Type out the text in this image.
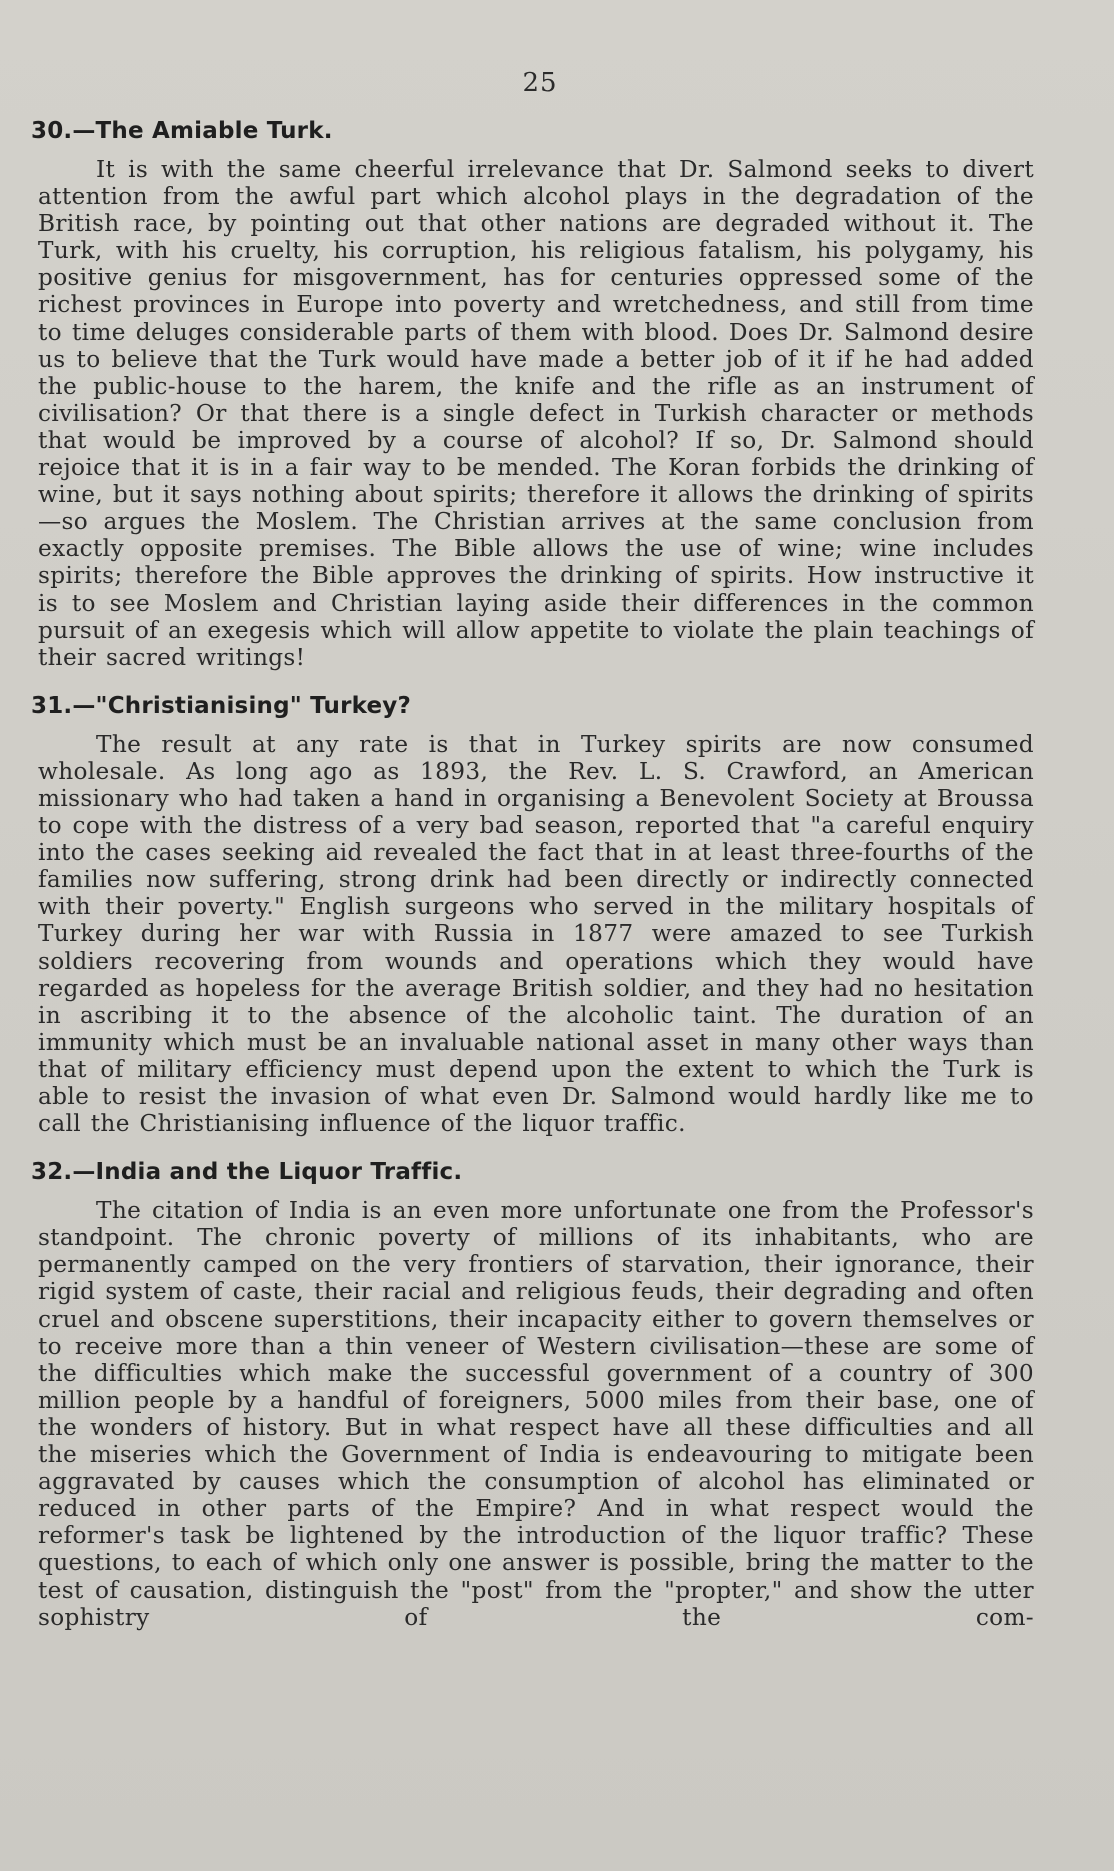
25
30.—The Amiable Turk.

It is with the same cheerful irrelevance that Dr. Salmond seeks to divert attention from the awful part which alcohol plays in the degradation of the British race, by pointing out that other nations are degraded without it. The Turk, with his cruelty, his corruption, his religious fatalism, his polygamy, his positive genius for misgovernment, has for centuries oppressed some of the richest provinces in Europe into poverty and wretchedness, and still from time to time deluges considerable parts of them with blood. Does Dr. Salmond desire us to believe that the Turk would have made a better job of it if he had added the public-house to the harem, the knife and the rifle as an instrument of civilisation? Or that there is a single defect in Turkish character or methods that would be improved by a course of alcohol? If so, Dr. Salmond should rejoice that it is in a fair way to be mended. The Koran forbids the drinking of wine, but it says nothing about spirits; therefore it allows the drinking of spirits—so argues the Moslem. The Christian arrives at the same conclusion from exactly opposite premises. The Bible allows the use of wine; wine includes spirits; therefore the Bible approves the drinking of spirits. How instructive it is to see Moslem and Christian laying aside their differences in the common pursuit of an exegesis which will allow appetite to violate the plain teachings of their sacred writings!

31.—"Christianising" Turkey?

The result at any rate is that in Turkey spirits are now consumed wholesale. As long ago as 1893, the Rev. L. S. Crawford, an American missionary who had taken a hand in organising a Benevolent Society at Broussa to cope with the distress of a very bad season, reported that "a careful enquiry into the cases seeking aid revealed the fact that in at least three-fourths of the families now suffering, strong drink had been directly or indirectly connected with their poverty." English surgeons who served in the military hospitals of Turkey during her war with Russia in 1877 were amazed to see Turkish soldiers recovering from wounds and operations which they would have regarded as hopeless for the average British soldier, and they had no hesitation in ascribing it to the absence of the alcoholic taint. The duration of an immunity which must be an invaluable national asset in many other ways than that of military efficiency must depend upon the extent to which the Turk is able to resist the invasion of what even Dr. Salmond would hardly like me to call the Christianising influence of the liquor traffic.

32.—India and the Liquor Traffic.

The citation of India is an even more unfortunate one from the Professor's standpoint. The chronic poverty of millions of its inhabitants, who are permanently camped on the very frontiers of starvation, their ignorance, their rigid system of caste, their racial and religious feuds, their degrading and often cruel and obscene superstitions, their incapacity either to govern themselves or to receive more than a thin veneer of Western civilisation—these are some of the difficulties which make the successful government of a country of 300 million people by a handful of foreigners, 5000 miles from their base, one of the wonders of history. But in what respect have all these difficulties and all the miseries which the Government of India is endeavouring to mitigate been aggravated by causes which the consumption of alcohol has eliminated or reduced in other parts of the Empire? And in what respect would the reformer's task be lightened by the introduction of the liquor traffic? These questions, to each of which only one answer is possible, bring the matter to the test of causation, distinguish the "post" from the "propter," and show the utter sophistry of the com-
